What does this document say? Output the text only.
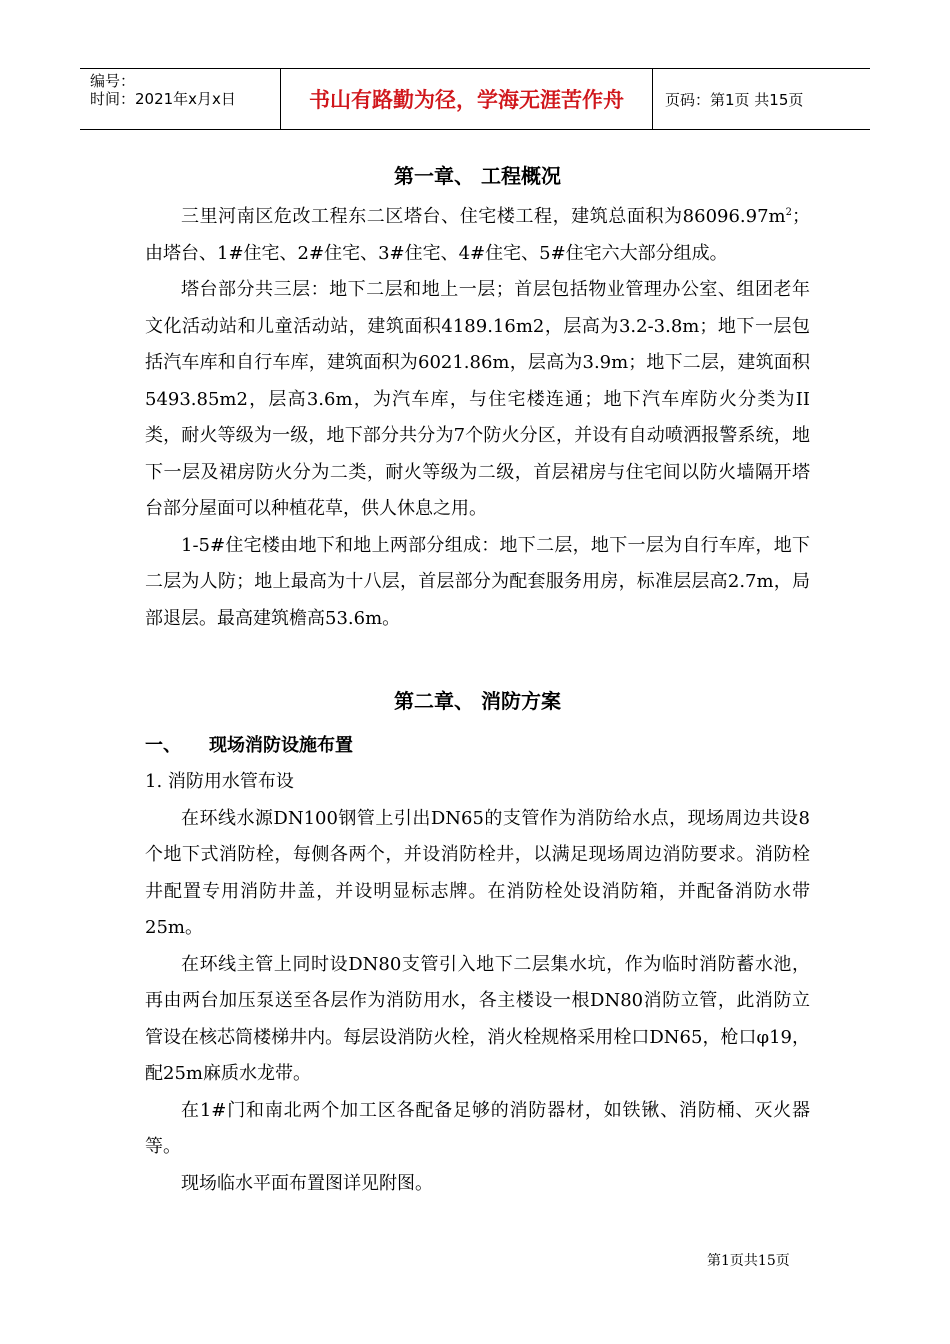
编号：
时间：2021年x月x日	书山有路勤为径，学海无涯苦作舟	页码：第1页 共15页
第一章、 工程概况

三里河南区危改工程东二区塔台、住宅楼工程，建筑总面积为$86096.97m^2$；由塔台、1#住宅、2#住宅、3#住宅、4#住宅、5#住宅六大部分组成。

塔台部分共三层：地下二层和地上一层；首层包括物业管理办公室、组团老年文化活动站和儿童活动站，建筑面积4189.16m2，层高为3.2-3.8m；地下一层包括汽车库和自行车库，建筑面积为6021.86m，层高为3.9m；地下二层，建筑面积5493.85m2，层高3.6m，为汽车库，与住宅楼连通；地下汽车库防火分类为II类，耐火等级为一级，地下部分共分为7个防火分区，并设有自动喷洒报警系统，地下一层及裙房防火分为二类，耐火等级为二级，首层裙房与住宅间以防火墙隔开塔台部分屋面可以种植花草，供人休息之用。

1-5#住宅楼由地下和地上两部分组成：地下二层，地下一层为自行车库，地下二层为人防；地上最高为十八层，首层部分为配套服务用房，标准层层高2.7m，局部退层。最高建筑檐高53.6m。

第二章、 消防方案

一、 现场消防设施布置

1. 消防用水管布设

在环线水源DN100钢管上引出DN65的支管作为消防给水点，现场周边共设8个地下式消防栓，每侧各两个，并设消防栓井，以满足现场周边消防要求。消防栓井配置专用消防井盖，并设明显标志牌。在消防栓处设消防箱，并配备消防水带25m。

在环线主管上同时设DN80支管引入地下二层集水坑，作为临时消防蓄水池，再由两台加压泵送至各层作为消防用水，各主楼设一根DN80消防立管，此消防立管设在核芯筒楼梯井内。每层设消防火栓，消火栓规格采用栓口DN65，枪口φ19，配25m麻质水龙带。

在1#门和南北两个加工区各配备足够的消防器材，如铁锹、消防桶、灭火器等。

现场临水平面布置图详见附图。

第1页共15页
